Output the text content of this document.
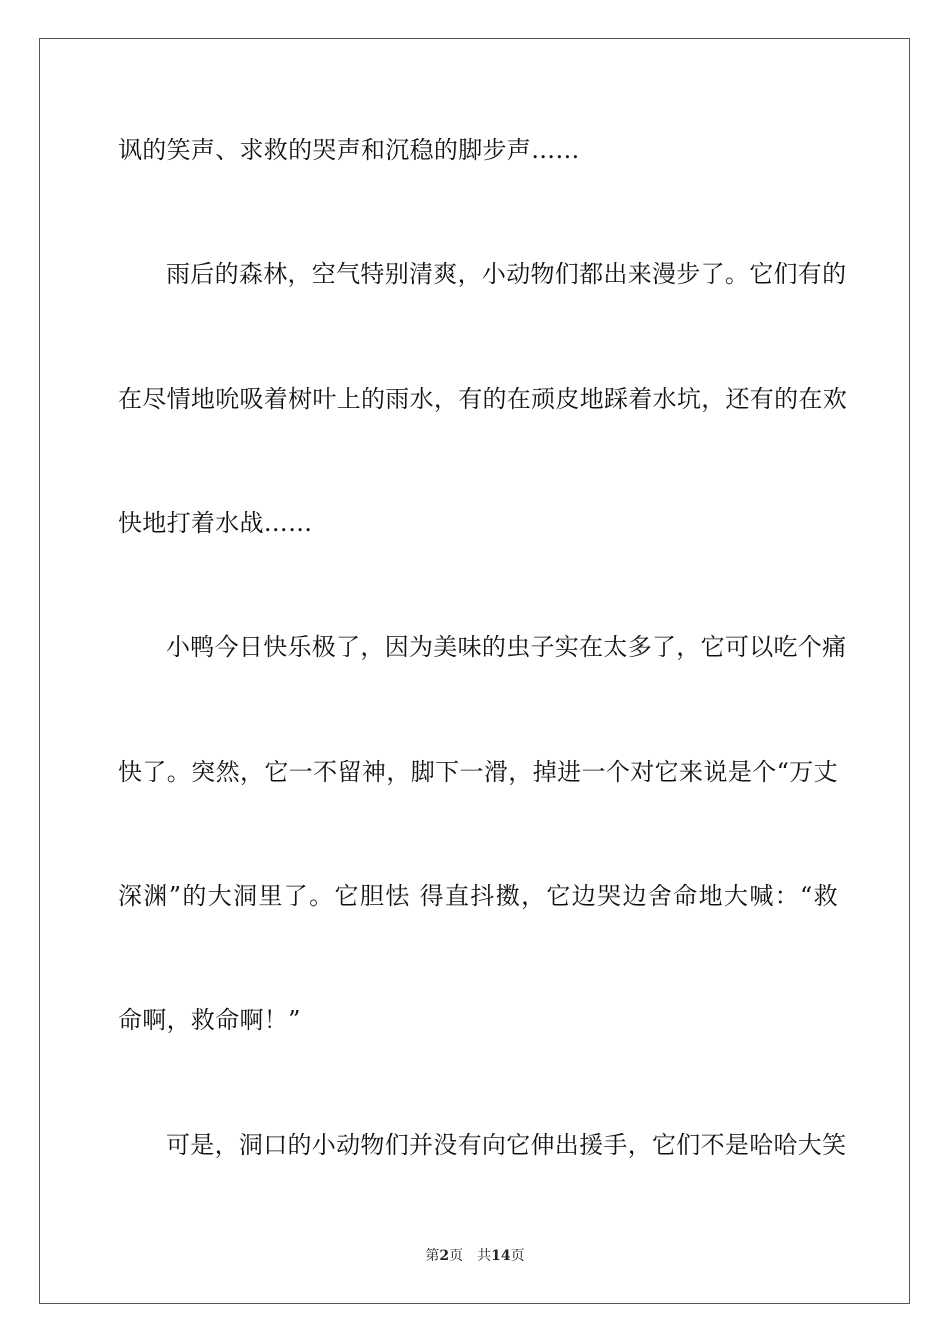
讽的笑声、求救的哭声和沉稳的脚步声……
雨后的森林，空气特别清爽，小动物们都出来漫步了。它们有的
在尽情地吮吸着树叶上的雨水，有的在顽皮地踩着水坑，还有的在欢
快地打着水战……
小鸭今日快乐极了，因为美味的虫子实在太多了，它可以吃个痛
快了。突然，它一不留神，脚下一滑，掉进一个对它来说是个“万丈
深渊”的大洞里了。它胆怯 得直抖擞，它边哭边舍命地大喊：“救
命啊，救命啊！”
可是，洞口的小动物们并没有向它伸出援手，它们不是哈哈大笑
第2页 共14页
